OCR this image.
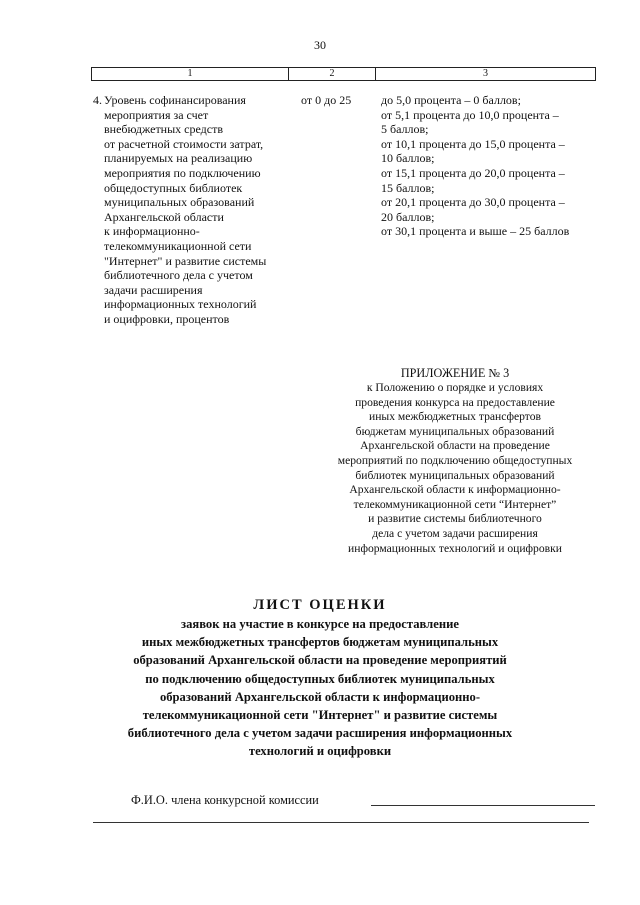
30
1	2	3
4. Уровень софинансирования
мероприятия за счет
внебюджетных средств
от расчетной стоимости затрат,
планируемых на реализацию
мероприятия по подключению
общедоступных библиотек
муниципальных образований
Архангельской области
к информационно-
телекоммуникационной сети
"Интернет" и развитие системы
библиотечного дела с учетом
задачи расширения
информационных технологий
и оцифровки, процентов
от 0 до 25 до 5,0 процента – 0 баллов;
от 5,1 процента до 10,0 процента –
5 баллов;
от 10,1 процента до 15,0 процента –
10 баллов;
от 15,1 процента до 20,0 процента –
15 баллов;
от 20,1 процента до 30,0 процента –
20 баллов;
от 30,1 процента и выше – 25 баллов
ПРИЛОЖЕНИЕ № 3
к Положению о порядке и условиях
проведения конкурса на предоставление
иных межбюджетных трансфертов
бюджетам муниципальных образований
Архангельской области на проведение
мероприятий по подключению общедоступных
библиотек муниципальных образований
Архангельской области к информационно-
телекоммуникационной сети “Интернет”
и развитие системы библиотечного
дела с учетом задачи расширения
информационных технологий и оцифровки
ЛИСТ ОЦЕНКИ
заявок на участие в конкурсе на предоставление
иных межбюджетных трансфертов бюджетам муниципальных
образований Архангельской области на проведение мероприятий
по подключению общедоступных библиотек муниципальных
образований Архангельской области к информационно-
телекоммуникационной сети "Интернет" и развитие системы
библиотечного дела с учетом задачи расширения информационных
технологий и оцифровки
Ф.И.О. члена конкурсной комиссии
